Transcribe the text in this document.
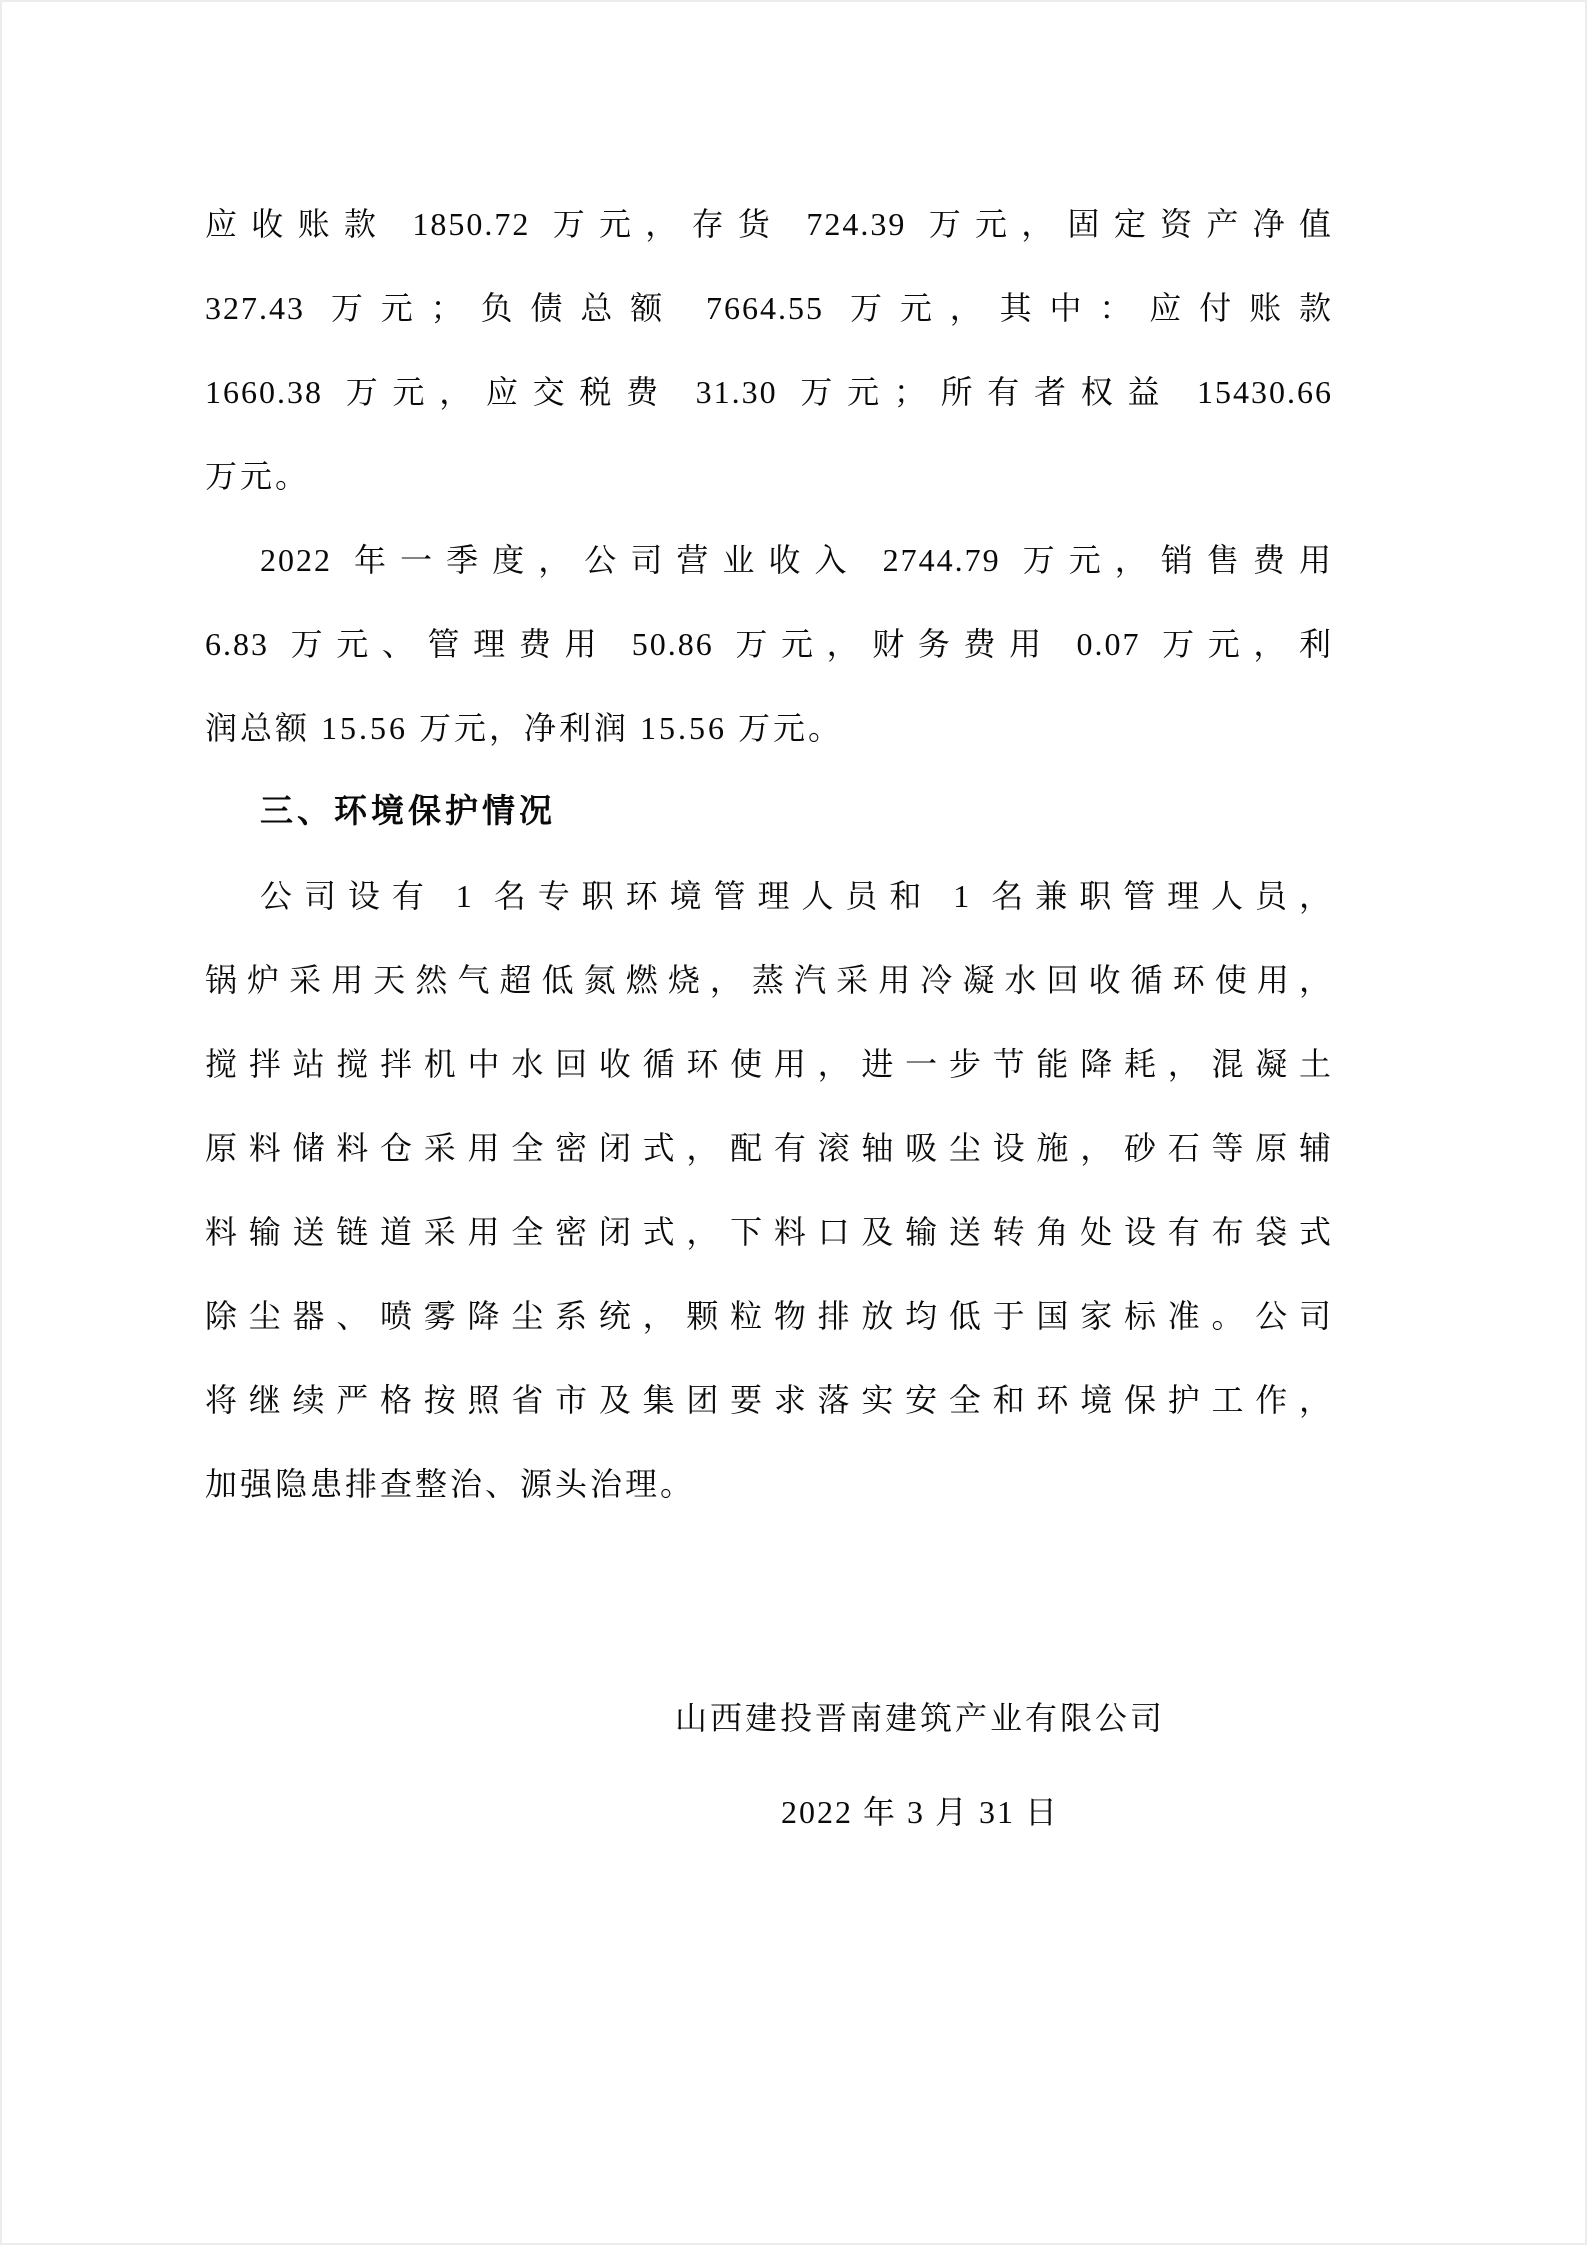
应收账款 1850.72 万元，存货 724.39 万元，固定资产净值
327.43 万元；负债总额 7664.55 万元，其中：应付账款
1660.38 万元，应交税费 31.30 万元；所有者权益 15430.66
万元。
2022 年一季度，公司营业收入 2744.79 万元，销售费用
6.83 万元、管理费用 50.86 万元，财务费用 0.07 万元，利
润总额 15.56 万元，净利润 15.56 万元。
三、环境保护情况
公司设有 1 名专职环境管理人员和 1 名兼职管理人员，
锅炉采用天然气超低氮燃烧，蒸汽采用冷凝水回收循环使用，
搅拌站搅拌机中水回收循环使用，进一步节能降耗，混凝土
原料储料仓采用全密闭式，配有滚轴吸尘设施，砂石等原辅
料输送链道采用全密闭式，下料口及输送转角处设有布袋式
除尘器、喷雾降尘系统，颗粒物排放均低于国家标准。公司
将继续严格按照省市及集团要求落实安全和环境保护工作，
加强隐患排查整治、源头治理。
山西建投晋南建筑产业有限公司
2022 年 3 月 31 日
